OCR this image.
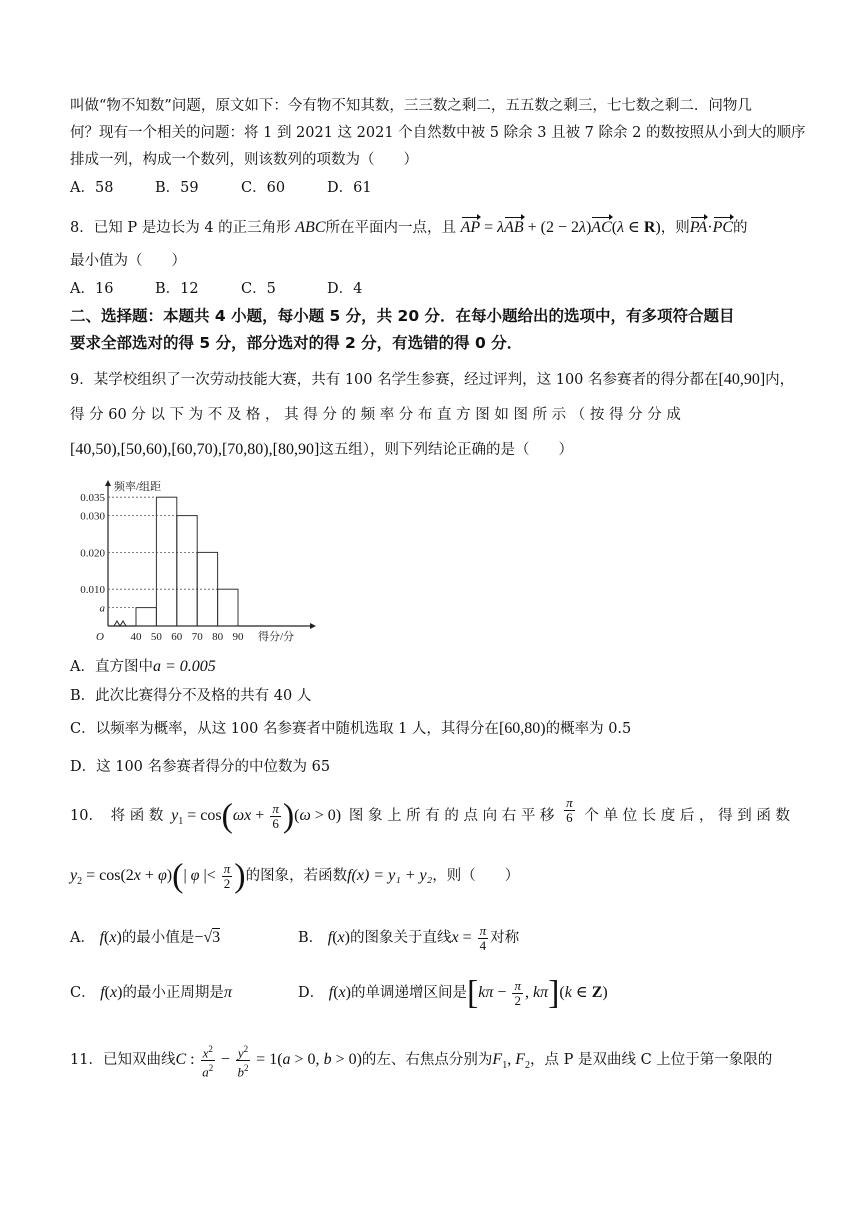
叫做“物不知数”问题，原文如下：今有物不知其数，三三数之剩二，五五数之剩三，七七数之剩二．问物几
何？现有一个相关的问题：将 1 到 2021 这 2021 个自然数中被 5 除余 3 且被 7 除余 2 的数按照从小到大的顺序
排成一列，构成一个数列，则该数列的项数为（　　）
A．58	B．59	C．60	D．61
8．已知 P 是边长为 4 的正三角形 ABC所在平面内一点，且 AP = λAB + (2 − 2λ)AC(λ ∈ R)，则PA·PC的
最小值为（　　）
A．16	B．12	C．5	D．4
二、选择题：本题共 4 小题，每小题 5 分，共 20 分．在每小题给出的选项中，有多项符合题目
要求全部选对的得 5 分，部分选对的得 2 分，有选错的得 0 分．
9．某学校组织了一次劳动技能大赛，共有 100 名学生参赛，经过评判，这 100 名参赛者的得分都在[40,90]内，
得 分 60 分 以 下 为 不 及 格 ， 其 得 分 的 频 率 分 布 直 方 图 如 图 所 示 （ 按 得 分 分 成
[40,50),[50,60),[60,70),[70,80),[80,90]这五组），则下列结论正确的是（　　）
0.035
0.030
0.020
0.010
a
40 50 60 70 80 90
频率/组距
得分/分
O
A．直方图中a = 0.005
B．此次比赛得分不及格的共有 40 人
C．以频率为概率，从这 100 名参赛者中随机选取 1 人，其得分在[60,80)的概率为 0.5
D．这 100 名参赛者得分的中位数为 65
10． 将 函 数 $y_1 = \cos(\omega x + \frac{\pi}{6} )(\omega > 0)$ 图 象 上 所 有 的 点 向 右 平 移 $\frac{\pi}{6}$ 个 单 位 长 度 后 ， 得 到 函 数
$y_2 = \cos(2x + \varphi)(|$ φ |< $\frac{\pi}{2}$ )的图象，若函数f(x) = y₁ + y₂，则（　　）
A． f(x)的最小值是−√3	B． f(x)的图象关于直线$x = \frac{\pi}{4}$ 对称
C． f(x)的最小正周期是π	D． f(x)的单调递增区间是[$k\pi - \frac{\pi}{2}$ , kπ](k ∈ Z)
11．已知双曲线C : $\frac{x^2}{a^2} - \frac{y^2}{b^2} = 1(a > 0$, b > 0)的左、右焦点分别为$F_1$, $F_2$，点 P 是双曲线 C 上位于第一象限的
